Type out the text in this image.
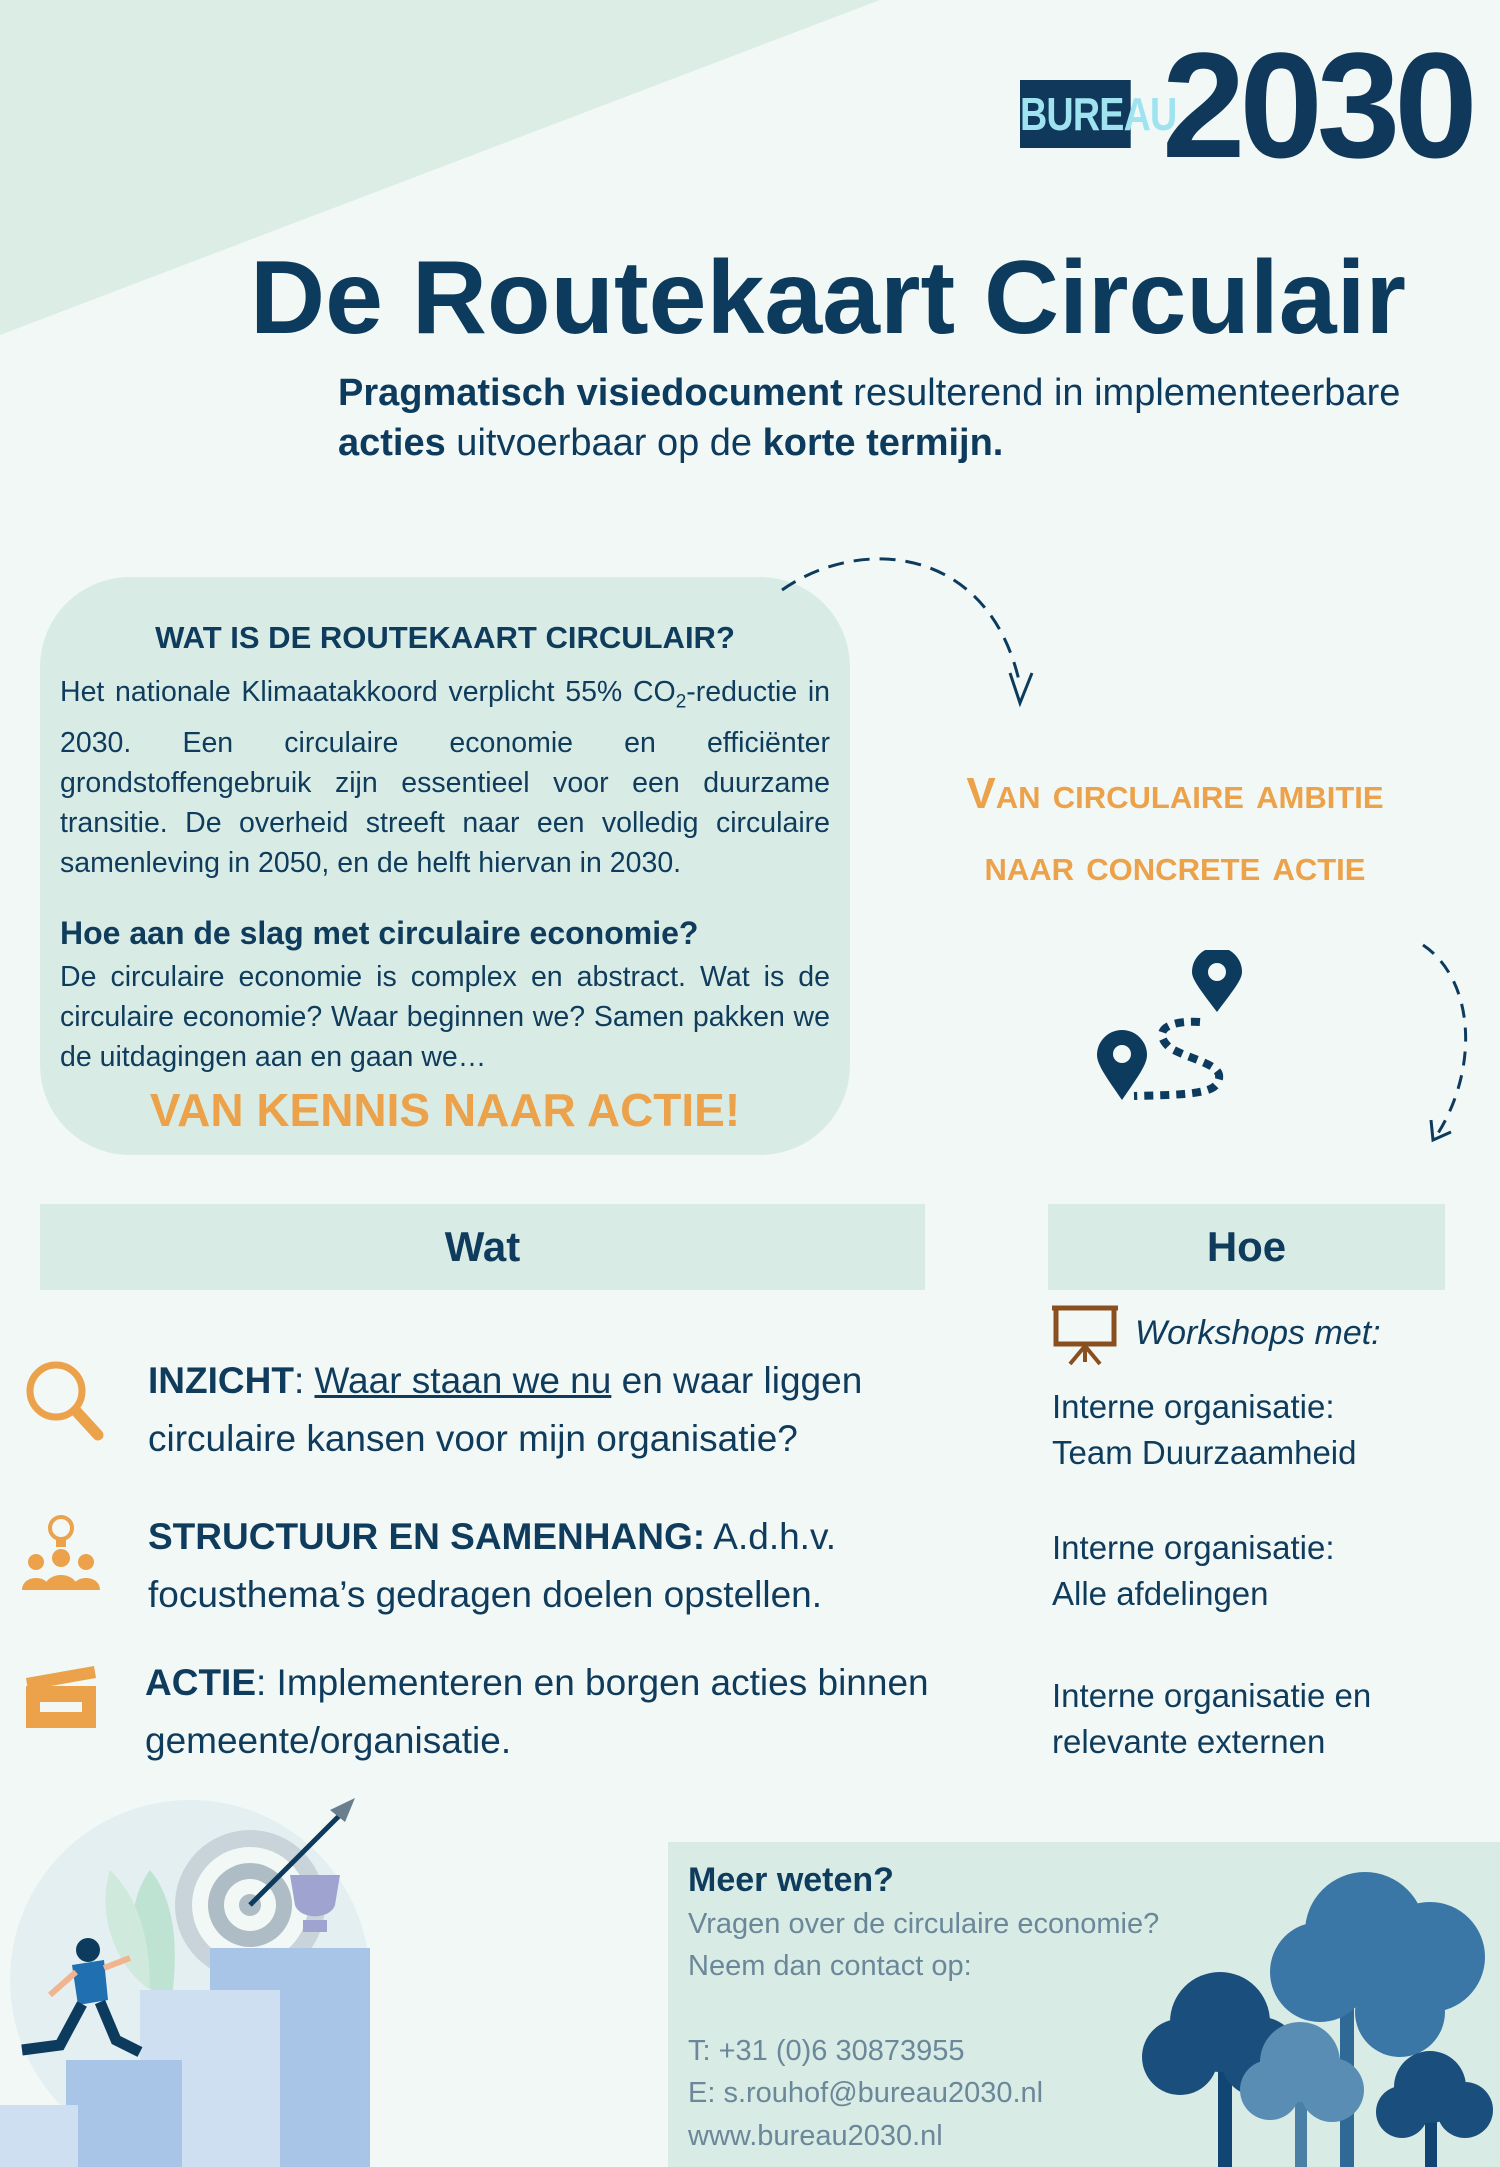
BUREAU
2030
De Routekaart Circulair
Pragmatisch visiedocument resulterend in implementeerbare
acties uitvoerbaar op de korte termijn.
WAT IS DE ROUTEKAART CIRCULAIR?
Het nationale Klimaatakkoord verplicht 55% $CO_2$-reductie in 2030. Een circulaire economie en efficiënter grondstoffengebruik zijn essentieel voor een duurzame transitie. De overheid streeft naar een volledig circulaire samenleving in 2050, en de helft hiervan in 2030.
Hoe aan de slag met circulaire economie?
De circulaire economie is complex en abstract. Wat is de circulaire economie? Waar beginnen we? Samen pakken we de uitdagingen aan en gaan we…
VAN KENNIS NAAR ACTIE!
Van circulaire ambitie
naar concrete actie
Wat	Hoe
INZICHT: Waar staan we nu en waar liggen circulaire kansen voor mijn organisatie?
STRUCTUUR EN SAMENHANG: A.d.h.v. focusthema’s gedragen doelen opstellen.
ACTIE: Implementeren en borgen acties binnen gemeente/organisatie.
Workshops met:
Interne organisatie:
Team Duurzaamheid
Interne organisatie:
Alle afdelingen
Interne organisatie en
relevante externen
Meer weten?
Vragen over de circulaire economie?
Neem dan contact op:
T: +31 (0)6 30873955
E: s.rouhof@bureau2030.nl
www.bureau2030.nl
